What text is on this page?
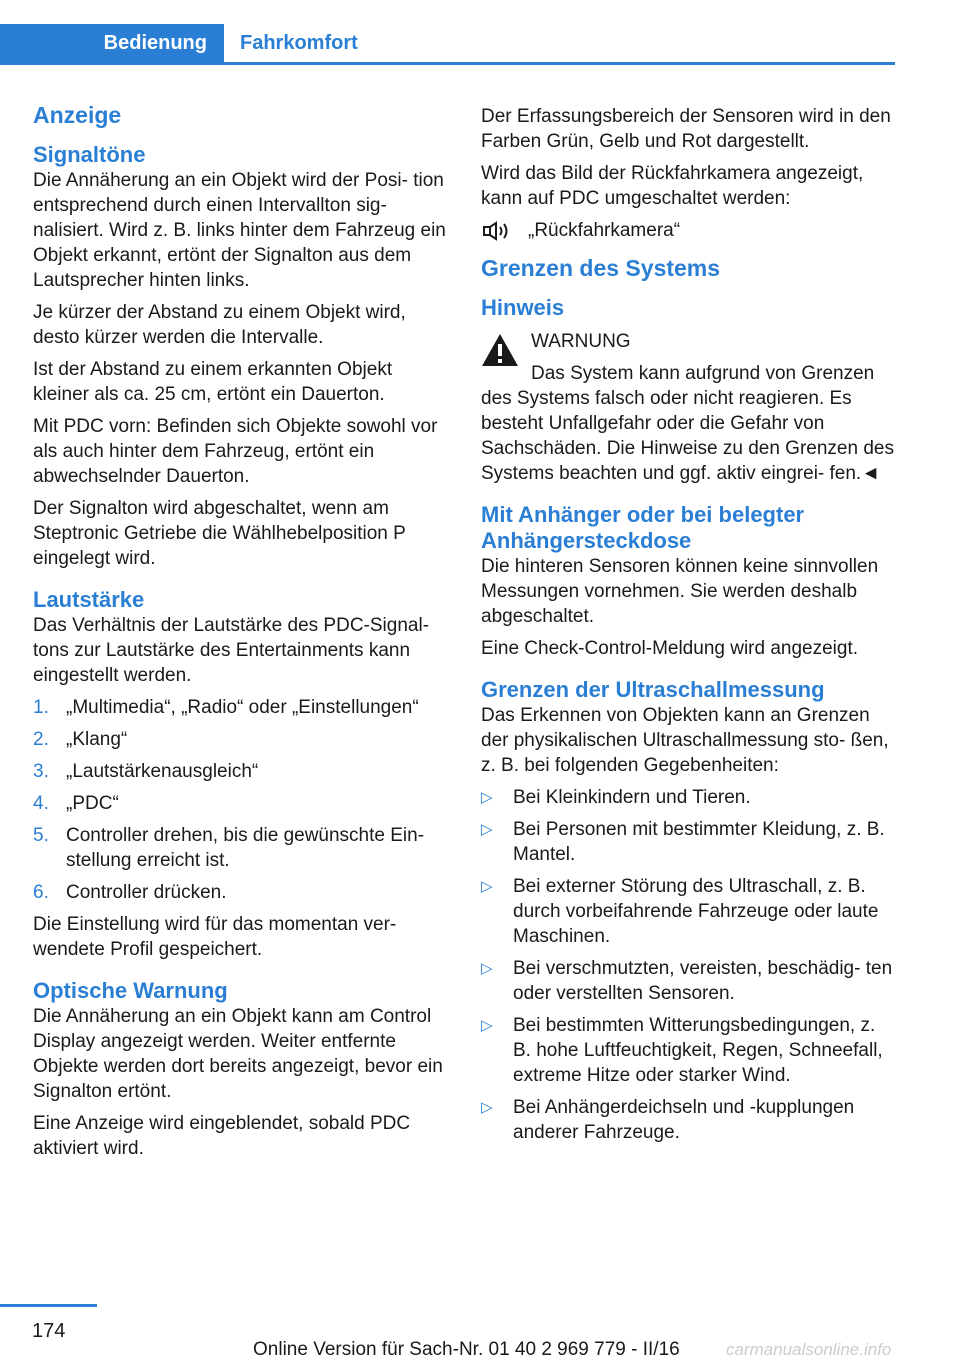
Bedienung	Fahrkomfort
Anzeige
Signaltöne

Die Annäherung an ein Objekt wird der Posi‐ tion entsprechend durch einen Intervallton sig‐ nalisiert. Wird z. B. links hinter dem Fahrzeug ein Objekt erkannt, ertönt der Signalton aus dem Lautsprecher hinten links.

Je kürzer der Abstand zu einem Objekt wird, desto kürzer werden die Intervalle.

Ist der Abstand zu einem erkannten Objekt kleiner als ca. 25 cm, ertönt ein Dauerton.

Mit PDC vorn: Befinden sich Objekte sowohl vor als auch hinter dem Fahrzeug, ertönt ein abwechselnder Dauerton.

Der Signalton wird abgeschaltet, wenn am Steptronic Getriebe die Wählhebelposition P eingelegt wird.

Lautstärke

Das Verhältnis der Lautstärke des PDC-Signal‐ tons zur Lautstärke des Entertainments kann eingestellt werden.

1. „Multimedia“, „Radio“ oder „Einstellungen“
2. „Klang“
3. „Lautstärkenausgleich“
4. „PDC“
5. Controller drehen, bis die gewünschte Ein‐ stellung erreicht ist.
6. Controller drücken.

Die Einstellung wird für das momentan ver‐ wendete Profil gespeichert.

Optische Warnung

Die Annäherung an ein Objekt kann am Control Display angezeigt werden. Weiter entfernte Objekte werden dort bereits angezeigt, bevor ein Signalton ertönt.

Eine Anzeige wird eingeblendet, sobald PDC aktiviert wird.

Der Erfassungsbereich der Sensoren wird in den Farben Grün, Gelb und Rot dargestellt.

Wird das Bild der Rückfahrkamera angezeigt, kann auf PDC umgeschaltet werden:

„Rückfahrkamera“
Grenzen des Systems
Hinweis
WARNUNG
Das System kann aufgrund von Grenzen

des Systems falsch oder nicht reagieren. Es besteht Unfallgefahr oder die Gefahr von Sachschäden. Die Hinweise zu den Grenzen des Systems beachten und ggf. aktiv eingrei‐ fen.◄

Mit Anhänger oder bei belegter Anhängersteckdose

Die hinteren Sensoren können keine sinnvollen Messungen vornehmen. Sie werden deshalb abgeschaltet.

Eine Check-Control-Meldung wird angezeigt.

Grenzen der Ultraschallmessung

Das Erkennen von Objekten kann an Grenzen der physikalischen Ultraschallmessung sto‐ ßen, z. B. bei folgenden Gegebenheiten:

▷	Bei Kleinkindern und Tieren.
▷	Bei Personen mit bestimmter Kleidung, z. B. Mantel.
▷	Bei externer Störung des Ultraschall, z. B. durch vorbeifahrende Fahrzeuge oder laute Maschinen.
▷	Bei verschmutzten, vereisten, beschädig‐ ten oder verstellten Sensoren.
▷	Bei bestimmten Witterungsbedingungen, z. B. hohe Luftfeuchtigkeit, Regen, Schneefall, extreme Hitze oder starker Wind.
▷	Bei Anhängerdeichseln und -kupplungen anderer Fahrzeuge.
174
Online Version für Sach-Nr. 01 40 2 969 779 - II/16	carmanualsonline.info
